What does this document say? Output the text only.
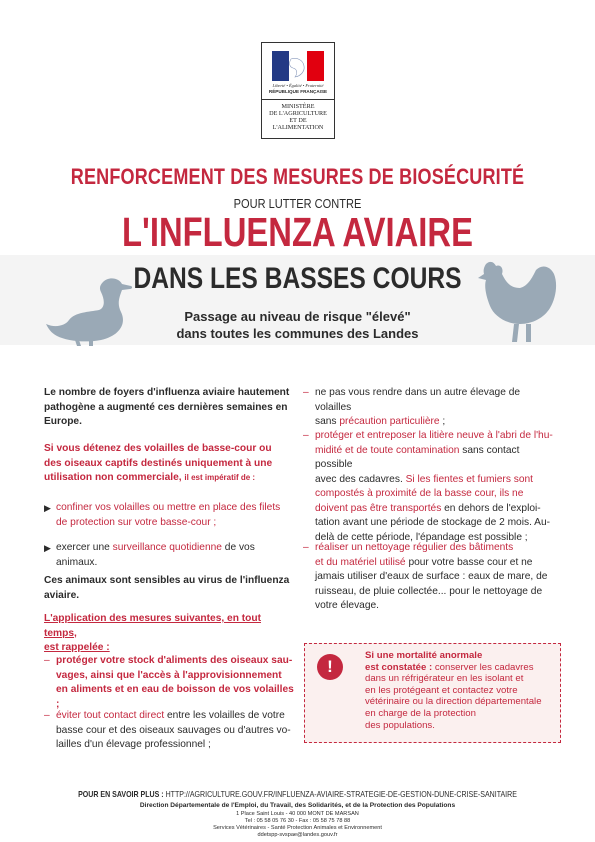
Liberté • Égalité • Fraternité
RÉPUBLIQUE FRANÇAISE
MINISTÈRE
DE L'AGRICULTURE
ET DE
L'ALIMENTATION
RENFORCEMENT DES MESURES DE BIOSÉCURITÉ
POUR LUTTER CONTRE
L'INFLUENZA AVIAIRE
DANS LES BASSES COURS
Passage au niveau de risque "élevé"
dans toutes les communes des Landes

Le nombre de foyers d'influenza aviaire hautement

pathogène a augmenté ces dernières semaines en

Europe.

Si vous détenez des volailles de basse-cour ou

des oiseaux captifs destinés uniquement à une

utilisation non commerciale, il est impératif de :

▶ confiner vos volailles ou mettre en place des filets

de protection sur votre basse-cour ;

▶ exercer une surveillance quotidienne de vos animaux.

Ces animaux sont sensibles au virus de l'influenza

aviaire.

L'application des mesures suivantes, en tout temps,

est rappelée :

– protéger votre stock d'aliments des oiseaux sau-

vages, ainsi que l'accès à l'approvisionnement

en aliments et en eau de boisson de vos volailles ;

– éviter tout contact direct entre les volailles de votre

basse cour et des oiseaux sauvages ou d'autres vo-

lailles d'un élevage professionnel ;

– ne pas vous rendre dans un autre élevage de volailles

sans précaution particulière ;

– protéger et entreposer la litière neuve à l'abri de l'hu-

midité et de toute contamination sans contact possible

avec des cadavres. Si les fientes et fumiers sont

compostés à proximité de la basse cour, ils ne

doivent pas être transportés en dehors de l'exploi-

tation avant une période de stockage de 2 mois. Au-

delà de cette période, l'épandage est possible ;

– réaliser un nettoyage régulier des bâtiments

et du matériel utilisé pour votre basse cour et ne

jamais utiliser d'eaux de surface : eaux de mare, de

ruisseau, de pluie collectée... pour le nettoyage de

votre élevage.

!
Si une mortalité anormale
est constatée : conserver les cadavres
dans un réfrigérateur en les isolant et
en les protégeant et contactez votre
vétérinaire ou la direction départementale
en charge de la protection
des populations.
POUR EN SAVOIR PLUS : HTTP://AGRICULTURE.GOUV.FR/INFLUENZA-AVIAIRE-STRATEGIE-DE-GESTION-DUNE-CRISE-SANITAIRE
Direction Départementale de l'Emploi, du Travail, des Solidarités, et de la Protection des Populations
1 Place Saint Louis - 40 000 MONT DE MARSAN
Tel : 05 58 05 76 30 - Fax : 05 58 75 78 88
Services Vétérinaires - Santé Protection Animales et Environnement
ddetspp-svspae@landes.gouv.fr
